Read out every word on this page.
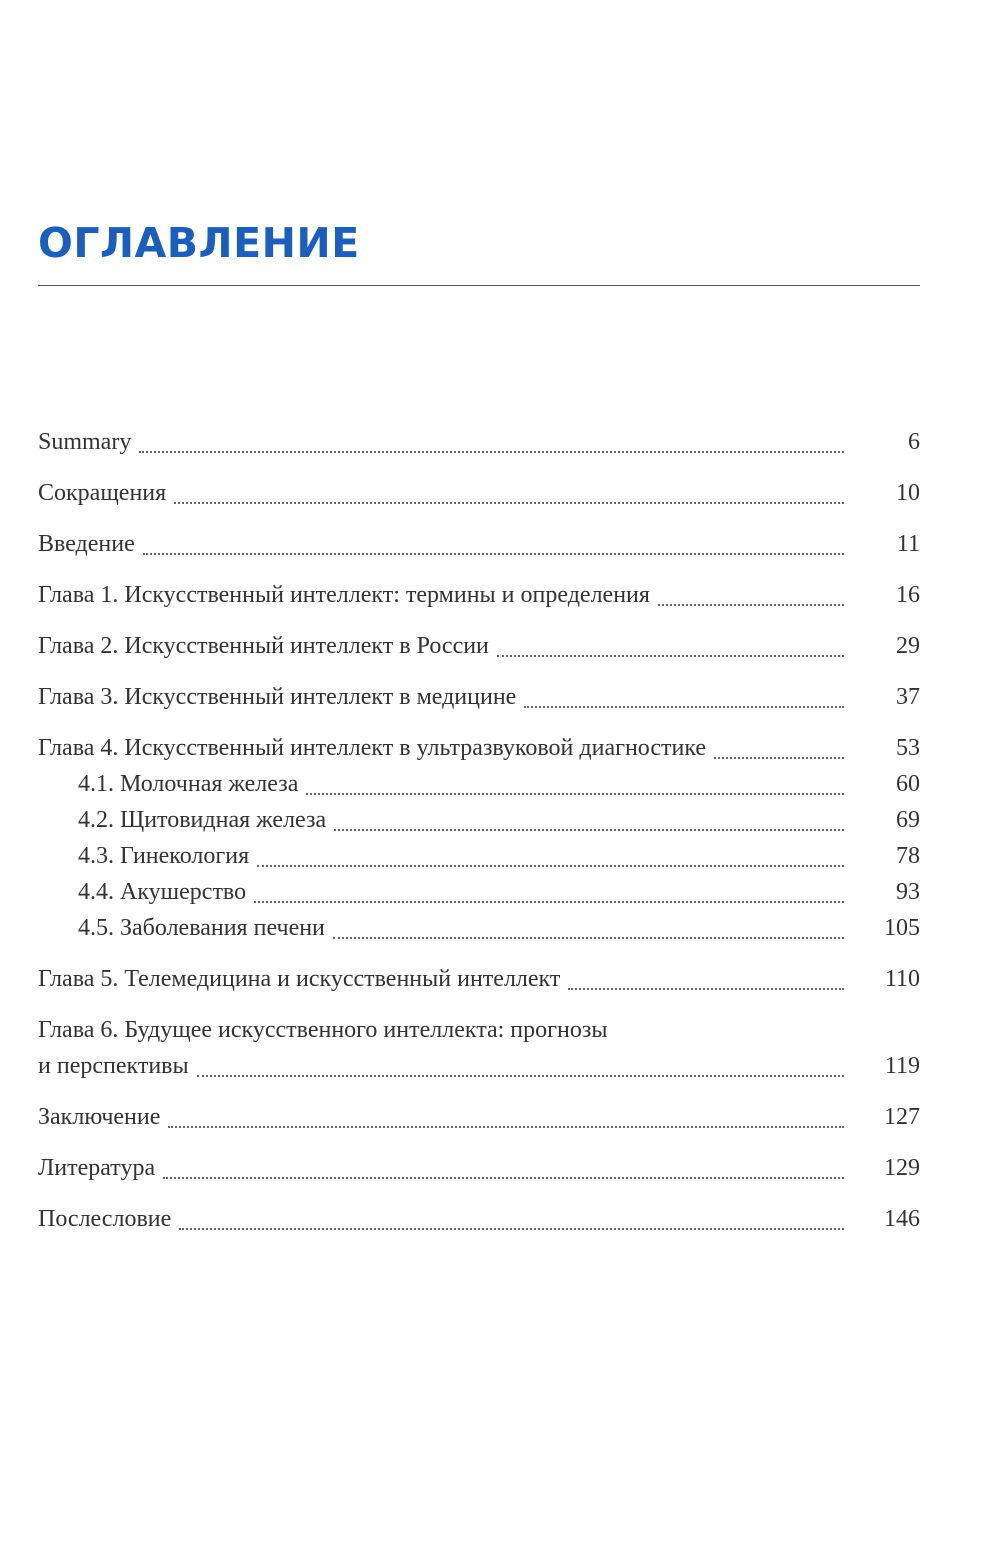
ОГЛАВЛЕНИЕ
Summary	6
Сокращения	10
Введение	11
Глава 1. Искусственный интеллект: термины и определения	16
Глава 2. Искусственный интеллект в России	29
Глава 3. Искусственный интеллект в медицине	37
Глава 4. Искусственный интеллект в ультразвуковой диагностике	53
4.1. Молочная железа	60
4.2. Щитовидная железа	69
4.3. Гинекология	78
4.4. Акушерство	93
4.5. Заболевания печени	105
Глава 5. Телемедицина и искусственный интеллект	110
Глава 6. Будущее искусственного интеллекта: прогнозы
и перспективы	119
Заключение	127
Литература	129
Послесловие	146
